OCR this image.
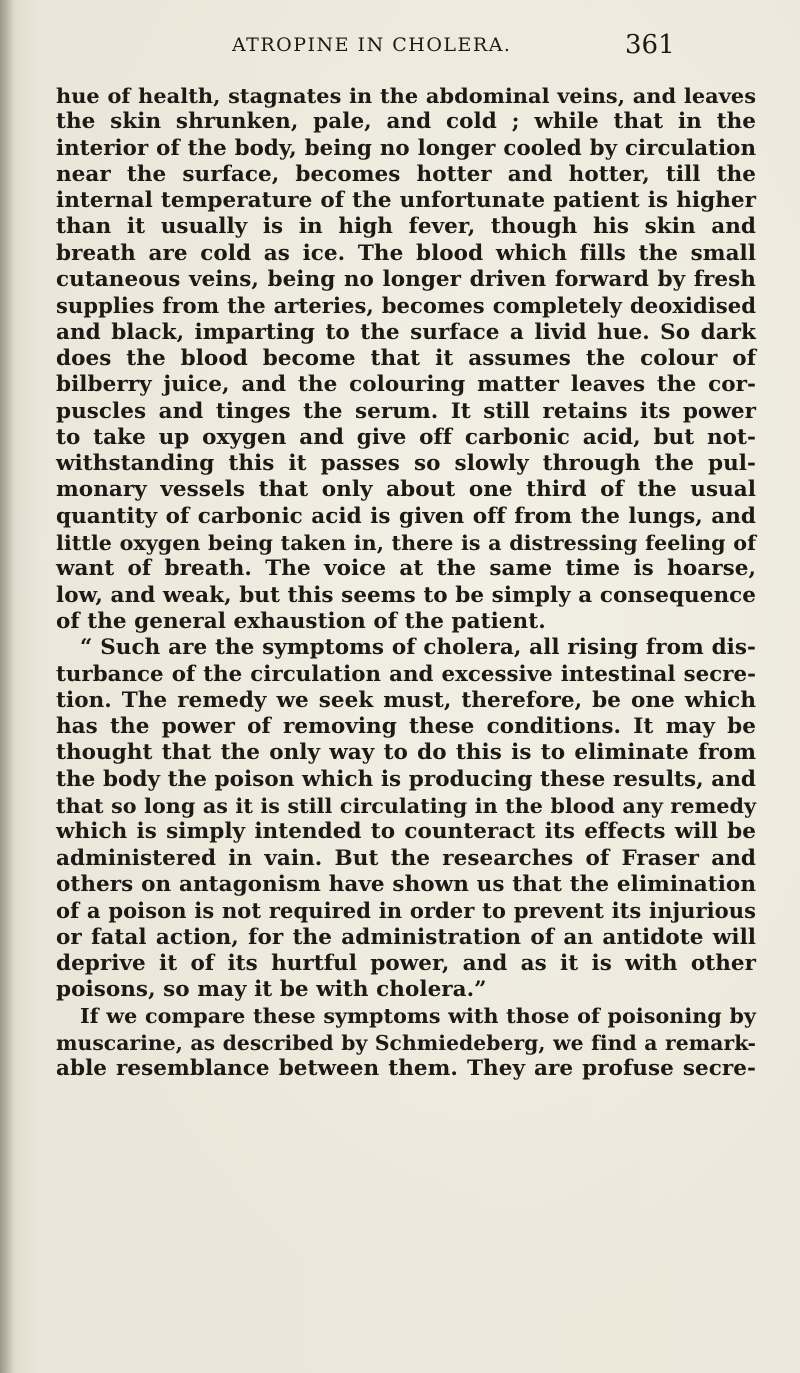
ATROPINE IN CHOLERA.	361
hue of health, stagnates in the abdominal veins, and leaves
the skin shrunken, pale, and cold ; while that in the
interior of the body, being no longer cooled by circulation
near the surface, becomes hotter and hotter, till the
internal temperature of the unfortunate patient is higher
than it usually is in high fever, though his skin and
breath are cold as ice. The blood which fills the small
cutaneous veins, being no longer driven forward by fresh
supplies from the arteries, becomes completely deoxidised
and black, imparting to the surface a livid hue. So dark
does the blood become that it assumes the colour of
bilberry juice, and the colouring matter leaves the cor-
puscles and tinges the serum. It still retains its power
to take up oxygen and give off carbonic acid, but not-
withstanding this it passes so slowly through the pul-
monary vessels that only about one third of the usual
quantity of carbonic acid is given off from the lungs, and
little oxygen being taken in, there is a distressing feeling of
want of breath. The voice at the same time is hoarse,
low, and weak, but this seems to be simply a consequence
of the general exhaustion of the patient.
“ Such are the symptoms of cholera, all rising from dis-
turbance of the circulation and excessive intestinal secre-
tion. The remedy we seek must, therefore, be one which
has the power of removing these conditions. It may be
thought that the only way to do this is to eliminate from
the body the poison which is producing these results, and
that so long as it is still circulating in the blood any remedy
which is simply intended to counteract its effects will be
administered in vain. But the researches of Fraser and
others on antagonism have shown us that the elimination
of a poison is not required in order to prevent its injurious
or fatal action, for the administration of an antidote will
deprive it of its hurtful power, and as it is with other
poisons, so may it be with cholera.”
If we compare these symptoms with those of poisoning by
muscarine, as described by Schmiedeberg, we find a remark-
able resemblance between them. They are profuse secre-
